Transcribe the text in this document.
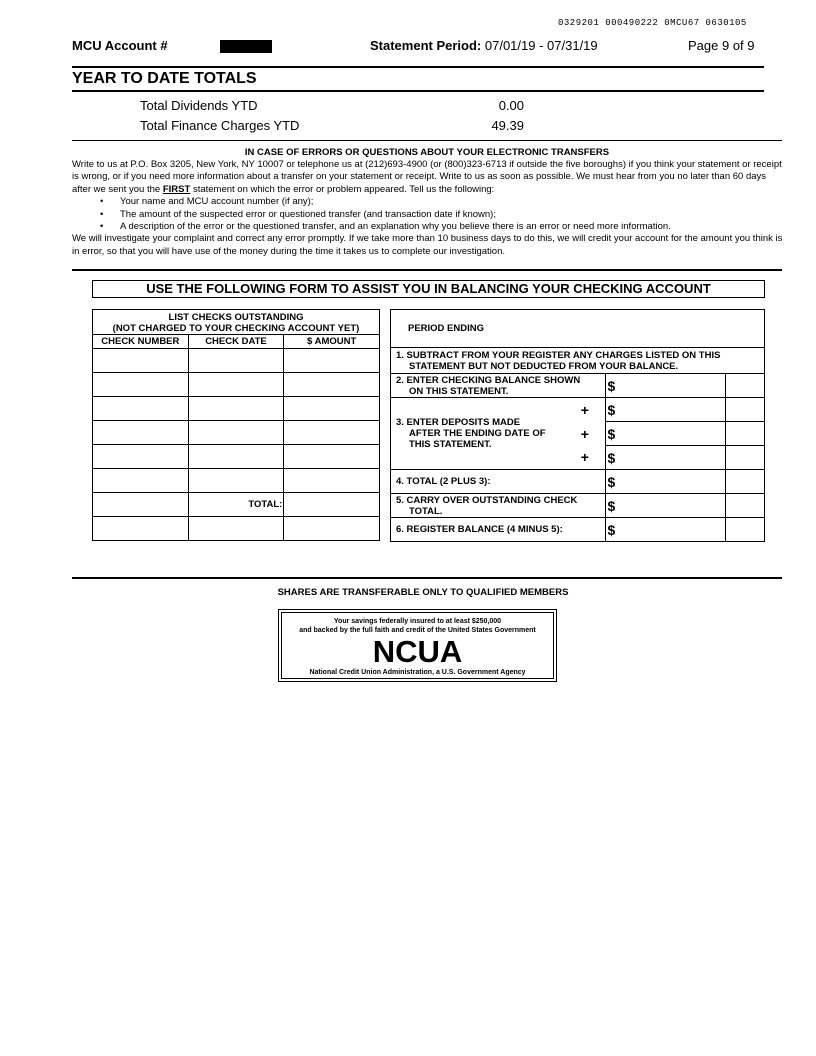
0329201 000490222 0MCU67 0630105
MCU Account #	Statement Period: 07/01/19 - 07/31/19	Page 9 of 9
YEAR TO DATE TOTALS
Total Dividends YTD	0.00
Total Finance Charges YTD	49.39
IN CASE OF ERRORS OR QUESTIONS ABOUT YOUR ELECTRONIC TRANSFERS
Write to us at P.O. Box 3205, New York, NY 10007 or telephone us at (212)693-4900 (or (800)323-6713 if outside the five boroughs) if you think your statement or receipt is wrong, or if you need more information about a transfer on your statement or receipt. Write to us as soon as possible. We must hear from you no later than 60 days after we sent you the FIRST statement on which the error or problem appeared. Tell us the following:
• Your name and MCU account number (if any);
• The amount of the suspected error or questioned transfer (and transaction date if known);
• A description of the error or the questioned transfer, and an explanation why you believe there is an error or need more information.
We will investigate your complaint and correct any error promptly. If we take more than 10 business days to do this, we will credit your account for the amount you think is in error, so that you will have use of the money during the time it takes us to complete our investigation.
USE THE FOLLOWING FORM TO ASSIST YOU IN BALANCING YOUR CHECKING ACCOUNT
LIST CHECKS OUTSTANDING
(NOT CHARGED TO YOUR CHECKING ACCOUNT YET)		

CHECK NUMBER	CHECK DATE	$ AMOUNT

	TOTAL:	

PERIOD ENDING			

1. SUBTRACT FROM YOUR REGISTER ANY CHARGES LISTED ON THIS
STATEMENT BUT NOT DEDUCTED FROM YOUR BALANCE.			

2. ENTER CHECKING BALANCE SHOWN
ON THIS STATEMENT.		$	

3. ENTER DEPOSITS MADE
AFTER THE ENDING DATE OF
THIS STATEMENT.	+	$	
	+	$	
	+	$	
4. TOTAL (2 PLUS 3):		$	

5. CARRY OVER OUTSTANDING CHECK
TOTAL.		$	
6. REGISTER BALANCE (4 MINUS 5):		$	
SHARES ARE TRANSFERABLE ONLY TO QUALIFIED MEMBERS
Your savings federally insured to at least $250,000
and backed by the full faith and credit of the United States Government
NCUA
National Credit Union Administration, a U.S. Government Agency
